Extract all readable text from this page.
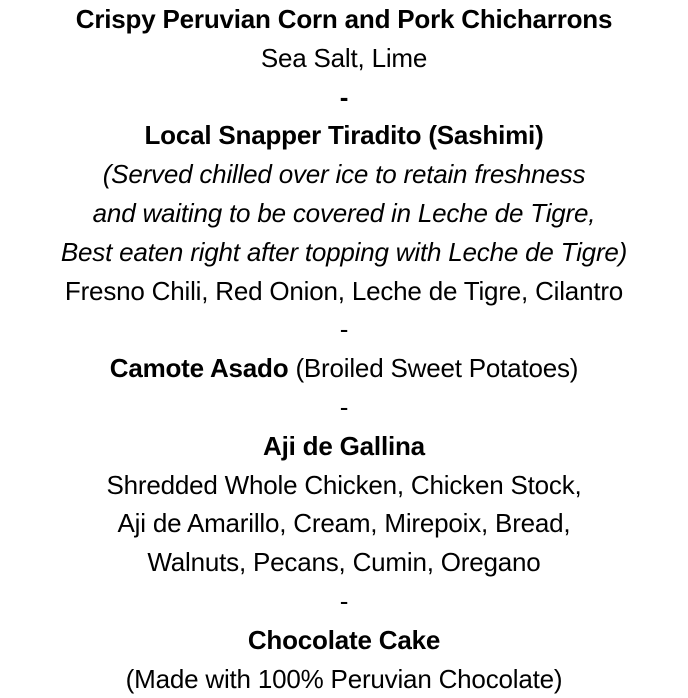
Crispy Peruvian Corn and Pork Chicharrons
Sea Salt, Lime
-
Local Snapper Tiradito (Sashimi)
(Served chilled over ice to retain freshness
and waiting to be covered in Leche de Tigre,
Best eaten right after topping with Leche de Tigre)
Fresno Chili, Red Onion, Leche de Tigre, Cilantro
-
Camote Asado (Broiled Sweet Potatoes)
-
Aji de Gallina
Shredded Whole Chicken, Chicken Stock,
Aji de Amarillo, Cream, Mirepoix, Bread,
Walnuts, Pecans, Cumin, Oregano
-
Chocolate Cake
(Made with 100% Peruvian Chocolate)
